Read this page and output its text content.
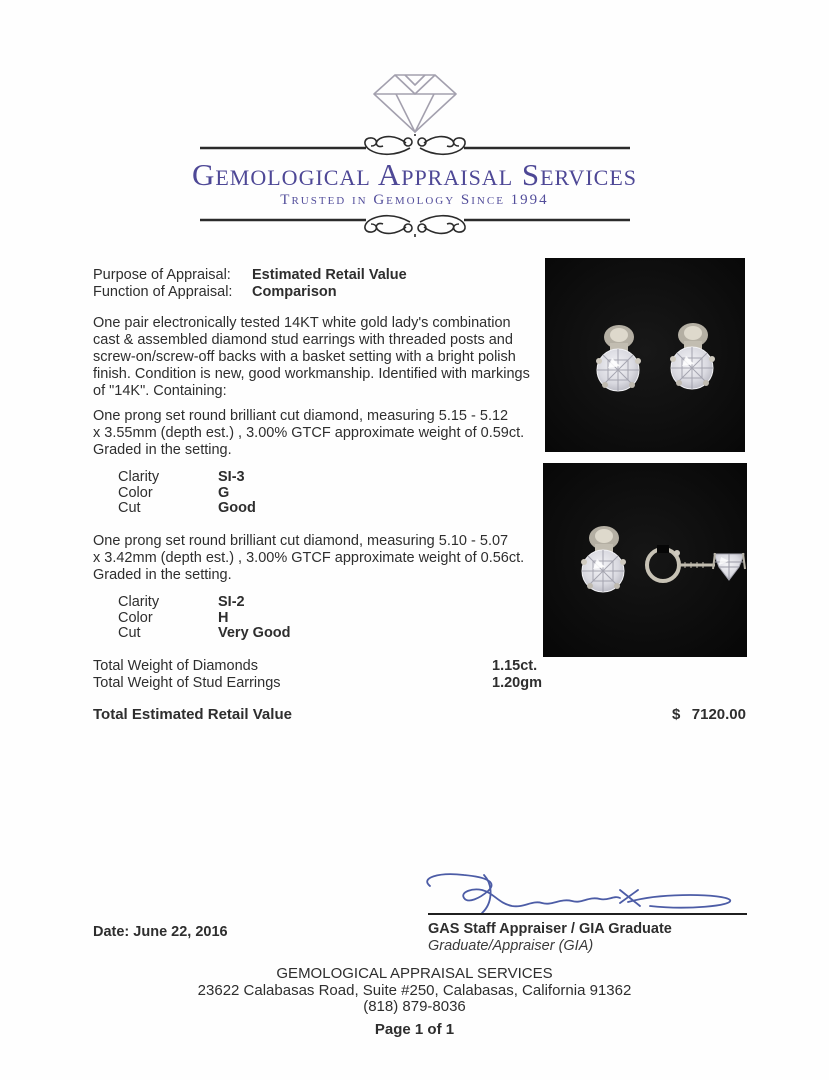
Gemological Appraisal Services
Trusted in Gemology Since 1994
Purpose of Appraisal:	Estimated Retail Value
Function of Appraisal:	Comparison
One pair electronically tested 14KT white gold lady's combination
cast & assembled diamond stud earrings with threaded posts and
screw-on/screw-off backs with a basket setting with a bright polish
finish. Condition is new, good workmanship. Identified with markings
of "14K". Containing:
One prong set round brilliant cut diamond, measuring 5.15 - 5.12
x 3.55mm (depth est.) , 3.00% GTCF approximate weight of 0.59ct.
Graded in the setting.
Clarity	SI-3
Color	G
Cut	Good
One prong set round brilliant cut diamond, measuring 5.10 - 5.07
x 3.42mm (depth est.) , 3.00% GTCF approximate weight of 0.56ct.
Graded in the setting.
Clarity	SI-2
Color	H
Cut	Very Good
Total Weight of Diamonds	1.15ct.
Total Weight of Stud Earrings	1.20gm
Total Estimated Retail Value	$ 7120.00
GAS Staff Appraiser / GIA Graduate
Graduate/Appraiser (GIA)
Date: June 22, 2016
GEMOLOGICAL APPRAISAL SERVICES
23622 Calabasas Road, Suite #250, Calabasas, California 91362
(818) 879-8036
Page 1 of 1
